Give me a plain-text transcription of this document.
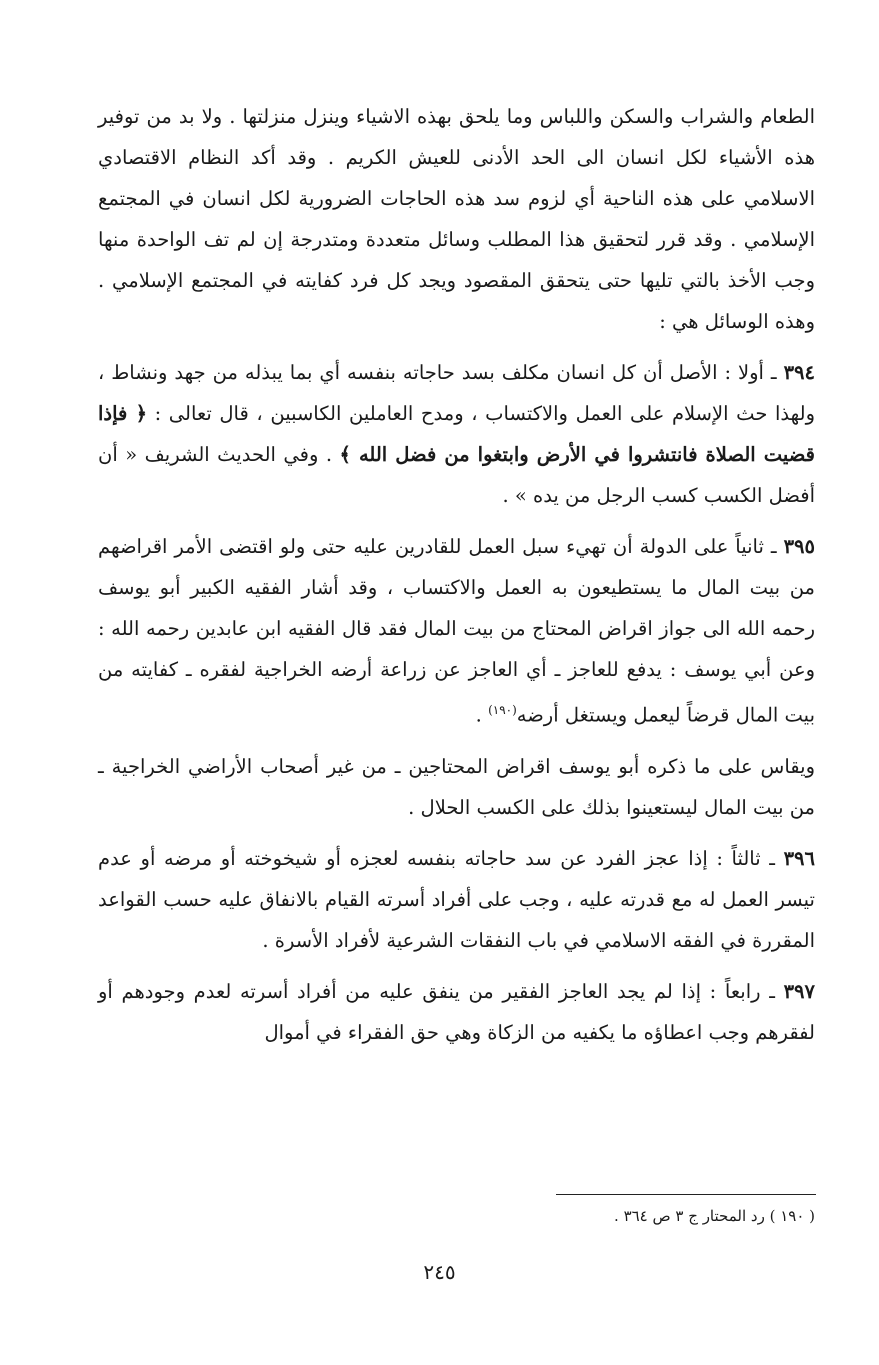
الطعام والشراب والسكن واللباس وما يلحق بهذه الاشياء وينزل منزلتها . ولا بد من توفير هذه الأشياء لكل انسان الى الحد الأدنى للعيش الكريم . وقد أكد النظام الاقتصادي الاسلامي على هذه الناحية أي لزوم سد هذه الحاجات الضرورية لكل انسان في المجتمع الإسلامي . وقد قرر لتحقيق هذا المطلب وسائل متعددة ومتدرجة إن لم تف الواحدة منها وجب الأخذ بالتي تليها حتى يتحقق المقصود ويجد كل فرد كفايته في المجتمع الإسلامي . وهذه الوسائل هي :

٣٩٤ ـ أولا : الأصل أن كل انسان مكلف بسد حاجاته بنفسه أي بما يبذله من جهد ونشاط ، ولهذا حث الإسلام على العمل والاكتساب ، ومدح العاملين الكاسبين ، قال تعالى : ﴿ فإذا قضيت الصلاة فانتشروا في الأرض وابتغوا من فضل الله ﴾ . وفي الحديث الشريف « أن أفضل الكسب كسب الرجل من يده » .

٣٩٥ ـ ثانياً على الدولة أن تهيء سبل العمل للقادرين عليه حتى ولو اقتضى الأمر اقراضهم من بيت المال ما يستطيعون به العمل والاكتساب ، وقد أشار الفقيه الكبير أبو يوسف رحمه الله الى جواز اقراض المحتاج من بيت المال فقد قال الفقيه ابن عابدين رحمه الله : وعن أبي يوسف : يدفع للعاجز ـ أي العاجز عن زراعة أرضه الخراجية لفقره ـ كفايته من بيت المال قرضاً ليعمل ويستغل أرضه$^{(١٩٠)}$ .

ويقاس على ما ذكره أبو يوسف اقراض المحتاجين ـ من غير أصحاب الأراضي الخراجية ـ من بيت المال ليستعينوا بذلك على الكسب الحلال .

٣٩٦ ـ ثالثاً : إذا عجز الفرد عن سد حاجاته بنفسه لعجزه أو شيخوخته أو مرضه أو عدم تيسر العمل له مع قدرته عليه ، وجب على أفراد أسرته القيام بالانفاق عليه حسب القواعد المقررة في الفقه الاسلامي في باب النفقات الشرعية لأفراد الأسرة .

٣٩٧ ـ رابعاً : إذا لم يجد العاجز الفقير من ينفق عليه من أفراد أسرته لعدم وجودهم أو لفقرهم وجب اعطاؤه ما يكفيه من الزكاة وهي حق الفقراء في أموال

( ١٩٠ ) رد المحتار ج ٣ ص ٣٦٤ .
٢٤٥
